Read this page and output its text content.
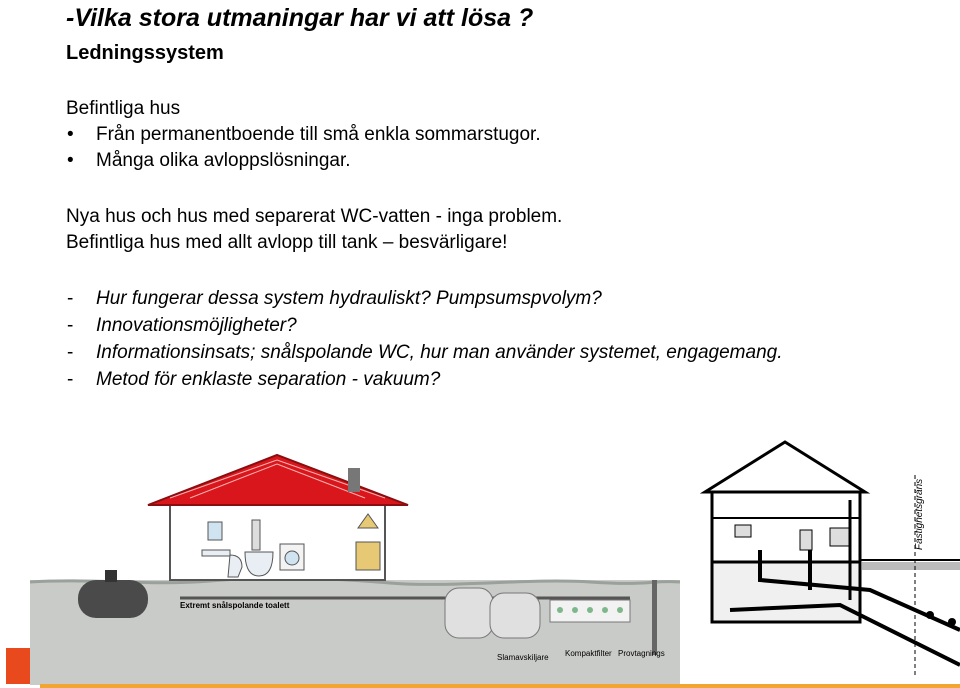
-Vilka stora utmaningar har vi att lösa ?
Ledningssystem
Befintliga hus
• Från permanentboende till små enkla sommarstugor.
• Många olika avloppslösningar.
Nya hus och hus med separerat WC-vatten - inga problem.
Befintliga hus med allt avlopp till tank – besvärligare!
- Hur fungerar dessa system hydrauliskt? Pumpsumspvolym?
- Innovationsmöjligheter?
- Informationsinsats; snålspolande WC, hur man använder systemet, engagemang.
- Metod för enklaste separation - vakuum?
Extremt snålspolande toalett
Slamavskiljare Kompaktfilter Provtagnings
Fastighetsgräns
